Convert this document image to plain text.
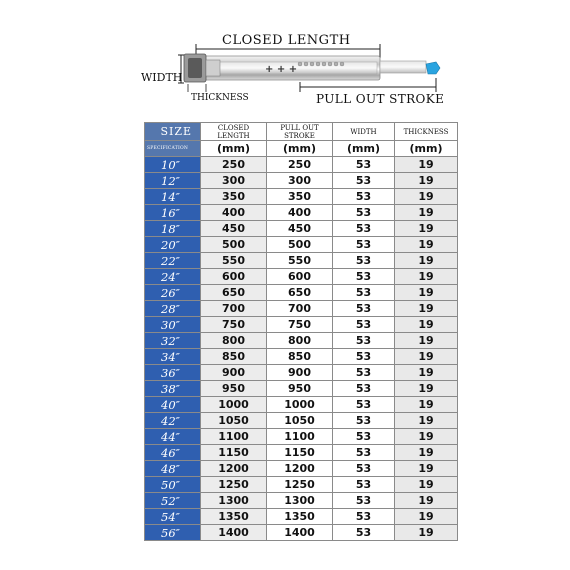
+ + +
CLOSED LENGTH
WIDTH
THICKNESS	PULL OUT STROKE
SIZE	CLOSED LENGTH	PULL OUT STROKE	WIDTH	THICKNESS
SPECIFICATION	(mm)	(mm)	(mm)	(mm)
10″	250	250	53	19
12″	300	300	53	19
14″	350	350	53	19
16″	400	400	53	19
18″	450	450	53	19
20″	500	500	53	19
22″	550	550	53	19
24″	600	600	53	19
26″	650	650	53	19
28″	700	700	53	19
30″	750	750	53	19
32″	800	800	53	19
34″	850	850	53	19
36″	900	900	53	19
38″	950	950	53	19
40″	1000	1000	53	19
42″	1050	1050	53	19
44″	1100	1100	53	19
46″	1150	1150	53	19
48″	1200	1200	53	19
50″	1250	1250	53	19
52″	1300	1300	53	19
54″	1350	1350	53	19
56″	1400	1400	53	19
